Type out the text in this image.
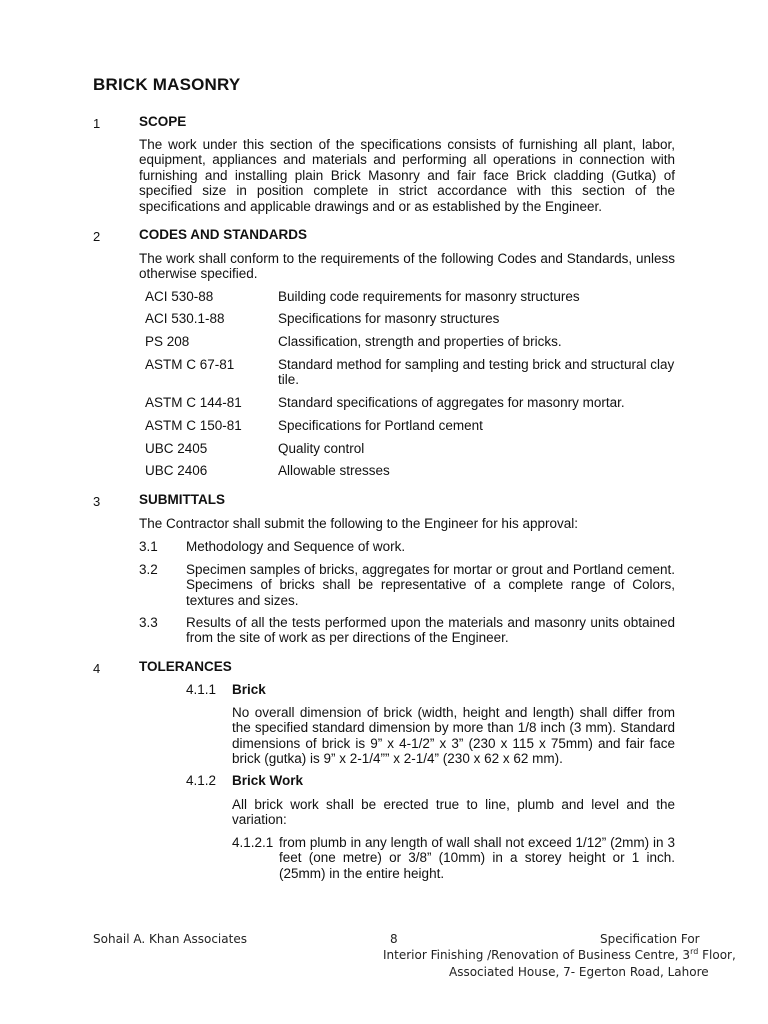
BRICK MASONRY
1	SCOPE
The work under this section of the specifications consists of furnishing all plant, labor, equipment, appliances and materials and performing all operations in connection with furnishing and installing plain Brick Masonry and fair face Brick cladding (Gutka) of specified size in position complete in strict accordance with this section of the specifications and applicable drawings and or as established by the Engineer.
2	CODES AND STANDARDS
The work shall conform to the requirements of the following Codes and Standards, unless otherwise specified.
ACI 530-88	Building code requirements for masonry structures
ACI 530.1-88	Specifications for masonry structures
PS 208	Classification, strength and properties of bricks.
ASTM C 67-81	Standard method for sampling and testing brick and structural clay tile.
ASTM C 144-81	Standard specifications of aggregates for masonry mortar.
ASTM C 150-81	Specifications for Portland cement
UBC 2405	Quality control
UBC 2406	Allowable stresses
3	SUBMITTALS
The Contractor shall submit the following to the Engineer for his approval:
3.1 Methodology and Sequence of work.
3.2 Specimen samples of bricks, aggregates for mortar or grout and Portland cement. Specimens of bricks shall be representative of a complete range of Colors, textures and sizes.
3.3 Results of all the tests performed upon the materials and masonry units obtained from the site of work as per directions of the Engineer.
4	TOLERANCES
4.1.1 Brick
No overall dimension of brick (width, height and length) shall differ from the specified standard dimension by more than 1/8 inch (3 mm). Standard dimensions of brick is 9” x 4-1/2” x 3” (230 x 115 x 75mm) and fair face brick (gutka) is 9” x 2-1/4”” x 2-1/4” (230 x 62 x 62 mm).
4.1.2 Brick Work
All brick work shall be erected true to line, plumb and level and the variation:
4.1.2.1 from plumb in any length of wall shall not exceed 1/12” (2mm) in 3 feet (one metre) or 3/8” (10mm) in a storey height or 1 inch.(25mm) in the entire height.
Sohail A. Khan Associates	8	Specification For
Interior Finishing /Renovation of Business Centre, 3rd Floor,
Associated House, 7- Egerton Road, Lahore
